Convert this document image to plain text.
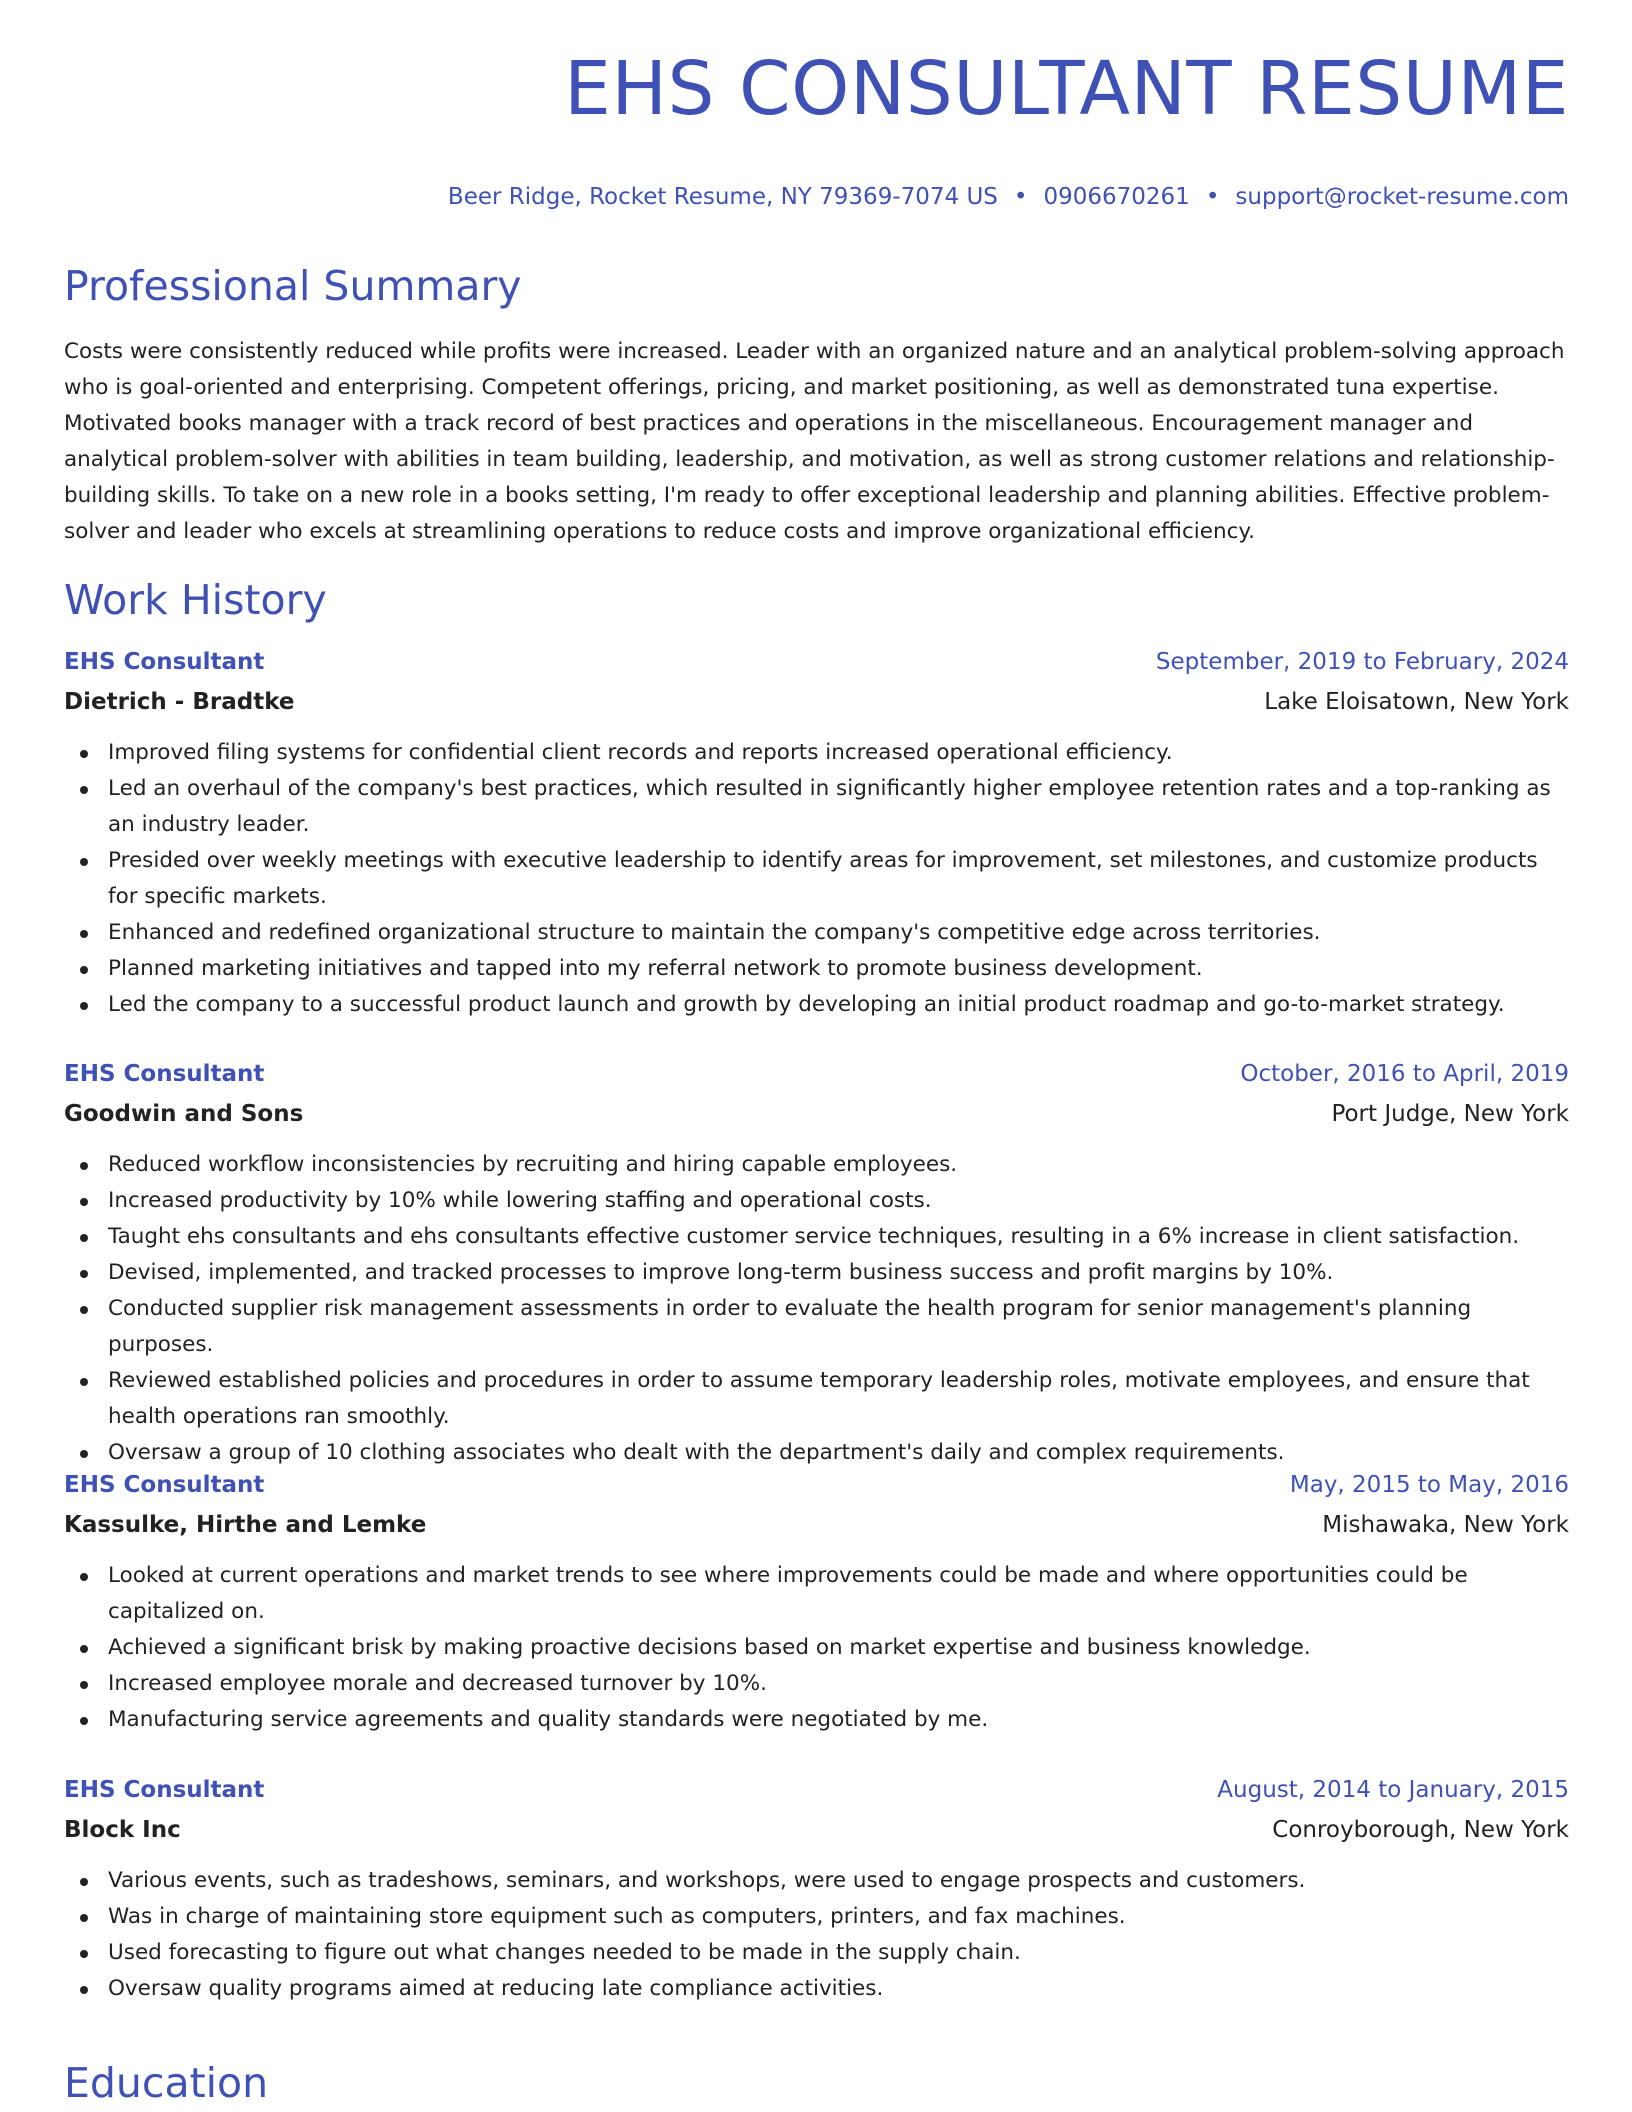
EHS CONSULTANT RESUME
Beer Ridge, Rocket Resume, NY 79369-7074 US • 0906670261 • support@rocket-resume.com
Professional Summary

Costs were consistently reduced while profits were increased. Leader with an organized nature and an analytical problem-solving approach who is goal-oriented and enterprising. Competent offerings, pricing, and market positioning, as well as demonstrated tuna expertise. Motivated books manager with a track record of best practices and operations in the miscellaneous. Encouragement manager and analytical problem-solver with abilities in team building, leadership, and motivation, as well as strong customer relations and relationship-building skills. To take on a new role in a books setting, I'm ready to offer exceptional leadership and planning abilities. Effective problem-solver and leader who excels at streamlining operations to reduce costs and improve organizational efficiency.

Work History
EHS Consultant	September, 2019 to February, 2024
Dietrich - Bradtke	Lake Eloisatown, New York
Improved filing systems for confidential client records and reports increased operational efficiency.
Led an overhaul of the company's best practices, which resulted in significantly higher employee retention rates and a top-ranking as an industry leader.
Presided over weekly meetings with executive leadership to identify areas for improvement, set milestones, and customize products for specific markets.
Enhanced and redefined organizational structure to maintain the company's competitive edge across territories.
Planned marketing initiatives and tapped into my referral network to promote business development.
Led the company to a successful product launch and growth by developing an initial product roadmap and go-to-market strategy.
EHS Consultant	October, 2016 to April, 2019
Goodwin and Sons	Port Judge, New York
Reduced workflow inconsistencies by recruiting and hiring capable employees.
Increased productivity by 10% while lowering staffing and operational costs.
Taught ehs consultants and ehs consultants effective customer service techniques, resulting in a 6% increase in client satisfaction.
Devised, implemented, and tracked processes to improve long-term business success and profit margins by 10%.
Conducted supplier risk management assessments in order to evaluate the health program for senior management's planning purposes.
Reviewed established policies and procedures in order to assume temporary leadership roles, motivate employees, and ensure that health operations ran smoothly.
Oversaw a group of 10 clothing associates who dealt with the department's daily and complex requirements.
EHS Consultant	May, 2015 to May, 2016
Kassulke, Hirthe and Lemke	Mishawaka, New York
Looked at current operations and market trends to see where improvements could be made and where opportunities could be capitalized on.
Achieved a significant brisk by making proactive decisions based on market expertise and business knowledge.
Increased employee morale and decreased turnover by 10%.
Manufacturing service agreements and quality standards were negotiated by me.
EHS Consultant	August, 2014 to January, 2015
Block Inc	Conroyborough, New York
Various events, such as tradeshows, seminars, and workshops, were used to engage prospects and customers.
Was in charge of maintaining store equipment such as computers, printers, and fax machines.
Used forecasting to figure out what changes needed to be made in the supply chain.
Oversaw quality programs aimed at reducing late compliance activities.
Education
